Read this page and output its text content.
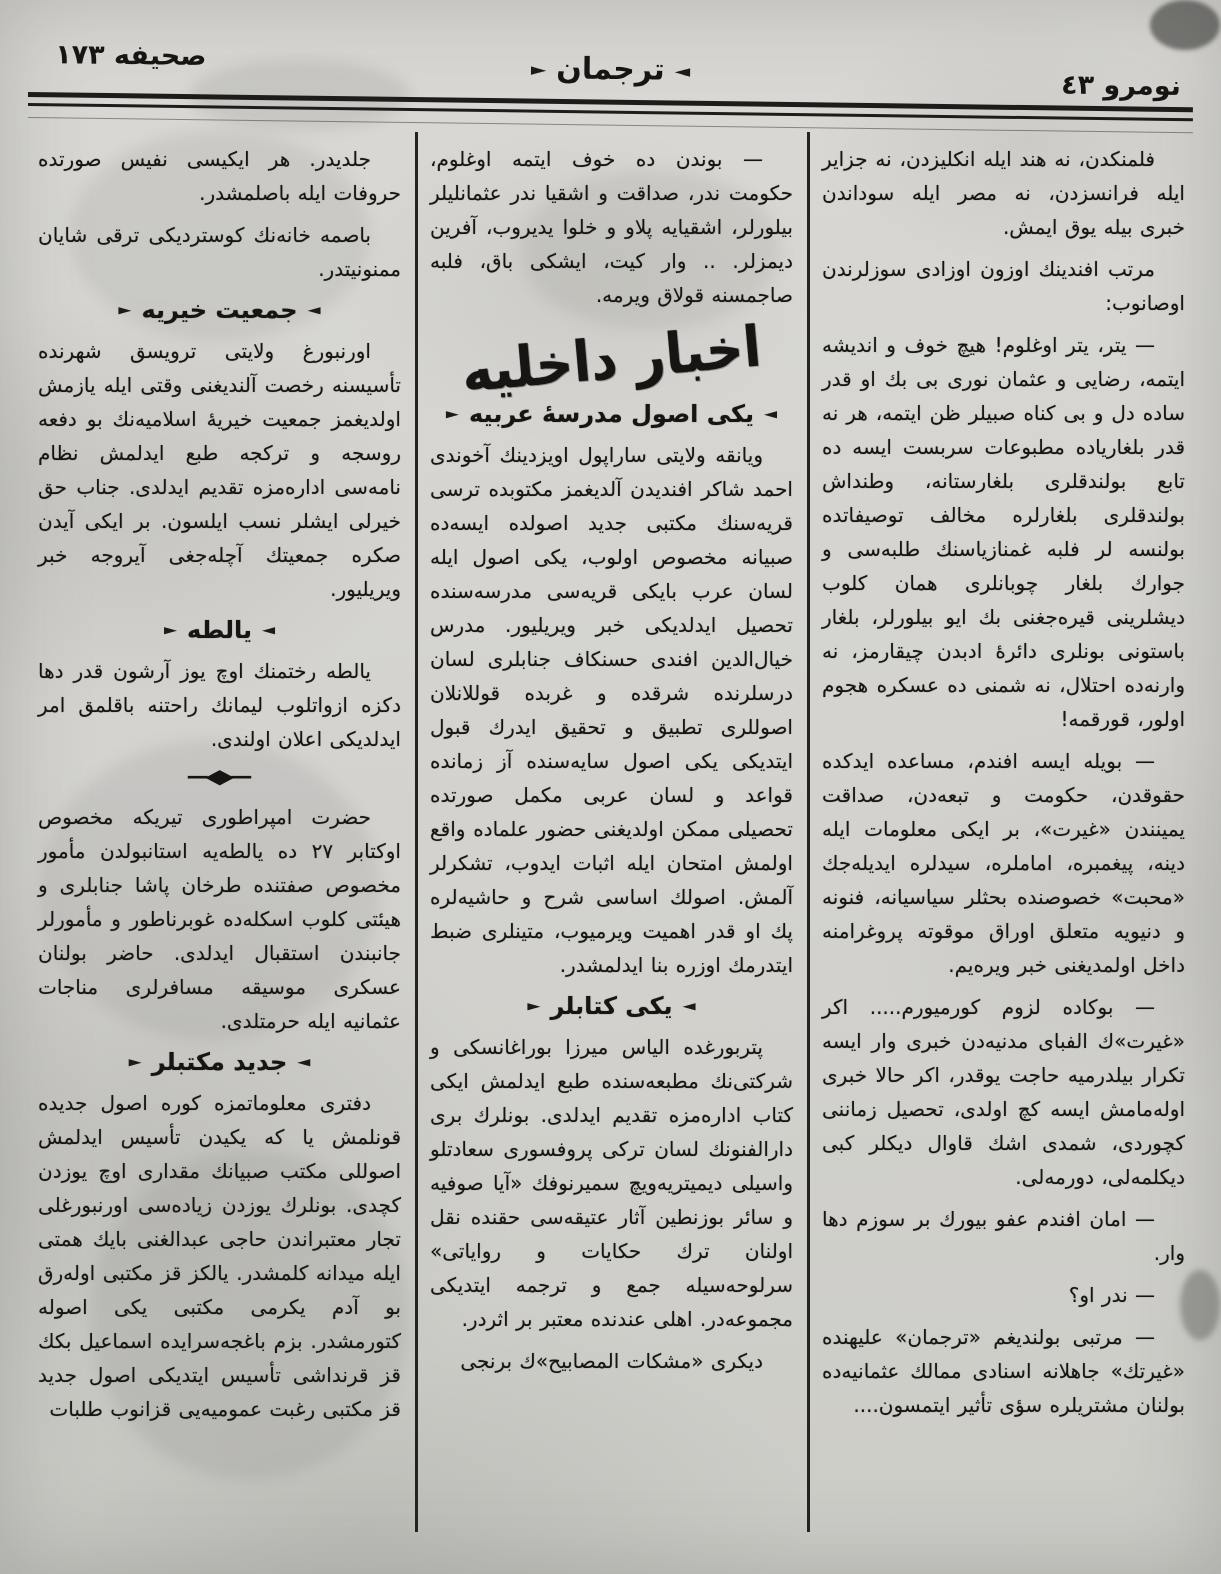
صحيفه ١٧٣	► ترجمان ◄	نومرو ٤٣

فلمنكدن، نه هند ايله انكليزدن، نه جزاير ايله فرانسزدن، نه مصر ايله سوداندن خبرى بيله يوق ايمش.

مرتب افندينك اوزون اوزادى سوزلرندن اوصانوب:

— يتر، يتر اوغلوم! هيچ خوف و انديشه ايتمه، رضايى و عثمان نورى بى بك او قدر ساده دل و بى كناه صبيلر ظن ايتمه، هر نه قدر بلغارياده مطبوعات سربست ايسه ده تابع بولندقلرى بلغارستانه، وطنداش بولندقلرى بلغارلره مخالف توصيفاتده بولنسه لر فلبه غمنازياسنك طلبه‌سى و جوارك بلغار چوبانلرى همان كلوب ديشلرينى قيره‌جغنى بك ايو بيلورلر، بلغار باستونى بونلرى دائرهٔ ادبدن چيقارمز، نه وارنه‌ده احتلال، نه شمنى ده عسكره هجوم اولور، قورقمه!

— بويله ايسه افندم، مساعده ايدكده حقوقدن، حكومت و تبعه‌دن، صداقت يمينندن «غيرت»، بر ايكى معلومات ايله دينه، پيغمبره، اماملره، سيدلره ايديله‌جك «محبت» خصوصنده بحثلر سياسيانه، فنونه و دنيويه متعلق اوراق موقوته پروغرامنه داخل اولمديغنى خبر ويره‌يم.

— بوكاده لزوم كورميورم..... اكر «غيرت»ك الفباى مدنيه‌دن خبرى وار ايسه تكرار بيلدرميه حاجت يوقدر، اكر حالا خبرى اوله‌مامش ايسه كچ اولدى، تحصيل زماننى كچوردى، شمدى اشك قاوال ديكلر كبى ديكلمه‌لى، دورمه‌لى.

— امان افندم عفو بيورك بر سوزم دها وار.

— ندر او؟

— مرتبى بولنديغم «ترجمان» عليهنده «غيرتك» جاهلانه اسنادى ممالك عثمانيه‌ده بولنان مشتريلره سؤى تأثير ايتمسون....

— بوندن ده خوف ايتمه اوغلوم، حكومت ندر، صداقت و اشقيا ندر عثمانليلر بيلورلر، اشقيايه پلاو و خلوا يديروب، آفرين ديمزلر. .. وار كيت، ايشكى باق، فلبه صاجمسنه قولاق ويرمه.

اخبار داخليه
► يكى اصول مدرسهٔ عربيه ◄

ويانقه ولايتى ساراپول اويزدينك آخوندى احمد شاكر افنديدن آلديغمز مكتوبده ترسى قريه‌سنك مكتبى جديد اصولده ايسه‌ده صبيانه مخصوص اولوب، يكى اصول ايله لسان عرب بايكى قريه‌سى مدرسه‌سنده تحصيل ايدلديكى خبر ويريليور. مدرس خيال‌الدين افندى حسنكاف جنابلرى لسان درسلرنده شرقده و غربده قوللانلان اصوللرى تطبيق و تحقيق ايدرك قبول ايتديكى يكى اصول سايه‌سنده آز زمانده قواعد و لسان عربى مكمل صورتده تحصيلى ممكن اولديغنى حضور علماده واقع اولمش امتحان ايله اثبات ايدوب، تشكرلر آلمش. اصولك اساسى شرح و حاشيه‌لره پك او قدر اهميت ويرميوب، متينلرى ضبط ايتدرمك اوزره بنا ايدلمشدر.

► يكى كتابلر ◄

پتربورغده الياس ميرزا بوراغانسكى و شركتى‌نك مطبعه‌سنده طبع ايدلمش ايكى كتاب اداره‌مزه تقديم ايدلدى. بونلرك برى دارالفنونك لسان تركى پروفسورى سعادتلو واسيلى ديميتريه‌ويچ سميرنوفك «آيا صوفيه و سائر بوزنطين آثار عتيقه‌سى حقنده نقل اولنان ترك حكايات و رواياتى» سرلوحه‌سيله جمع و ترجمه ايتديكى مجموعه‌در. اهلى عندنده معتبر بر اثردر.

ديكرى «مشكات المصابيح»ك برنجى

جلديدر. هر ايكيسى نفيس صورتده حروفات ايله باصلمشدر.

باصمه خانه‌نك كوسترديكى ترقى شايان ممنونيتدر.

► جمعيت خيريه ◄

اورنبورغ ولايتى ترويسق شهرنده تأسيسنه رخصت آلنديغنى وقتى ايله يازمش اولديغمز جمعيت خيريهٔ اسلاميه‌نك بو دفعه روسجه و تركجه طبع ايدلمش نظام نامه‌سى اداره‌مزه تقديم ايدلدى. جناب حق خيرلى ايشلر نسب ايلسون. بر ايكى آيدن صكره جمعيتك آچله‌جغى آيروجه خبر ويريليور.

► يالطه ◄

يالطه رختمنك اوچ يوز آرشون قدر دها دكزه ازواتلوب ليمانك راحتنه باقلمق امر ايدلديكى اعلان اولندى.

―◆―

حضرت امپراطورى تيريكه مخصوص اوكتابر ٢٧ ده يالطه‌يه استانبولدن مأمور مخصوص صفتنده طرخان پاشا جنابلرى و هيئتى كلوب اسكله‌ده غوبرناطور و مأمورلر جانبندن استقبال ايدلدى. حاضر بولنان عسكرى موسيقه مسافرلرى مناجات عثمانيه ايله حرمتلدى.

► جديد مكتبلر ◄

دفترى معلوماتمزه كوره اصول جديده قونلمش يا كه يكيدن تأسيس ايدلمش اصوللى مكتب صبيانك مقدارى اوچ يوزدن كچدى. بونلرك يوزدن زياده‌سى اورنبورغلى تجار معتبراندن حاجى عبدالغنى بايك همتى ايله ميدانه كلمشدر. يالكز قز مكتبى اوله‌رق بو آدم يكرمى مكتبى يكى اصوله كتورمشدر. بزم باغجه‌سرايده اسماعيل بكك قز قرنداشى تأسيس ايتديكى اصول جديد قز مكتبى رغبت عموميه‌يى قزانوب طلبات
